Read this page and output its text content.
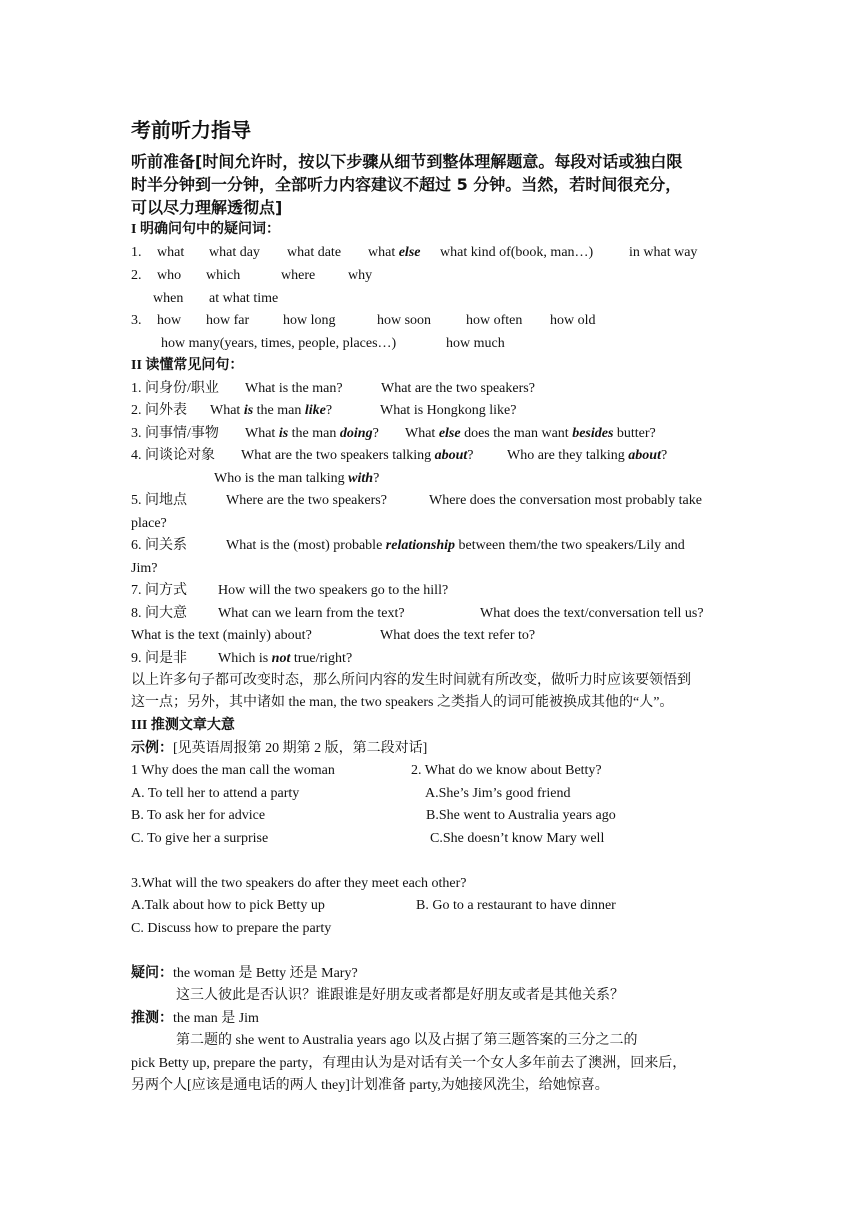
考前听力指导
听前准备[时间允许时，按以下步骤从细节到整体理解题意。每段对话或独白限
时半分钟到一分钟，全部听力内容建议不超过 5 分钟。当然，若时间很充分，
可以尽力理解透彻点]
I 明确问句中的疑问词：
1. what what day what date what else what kind of(book, man…)	in what way
2. who which	where why
when at what time
3. how how far how long	how soon how often how old
how many(years, times, people, places…)	how much
II 读懂常见问句：
1. 问身份/职业 What is the man?	What are the two speakers?
2. 问外表 What is the man like?	What is Hongkong like?
3. 问事情/事物 What is the man doing? What else does the man want besides butter?
4. 问谈论对象 What are the two speakers talking about? Who are they talking about?
Who is the man talking with?
5. 问地点	Where are the two speakers?	Where does the conversation most probably take
place?
6. 问关系	What is the (most) probable relationship between them/the two speakers/Lily and
Jim?
7. 问方式 How will the two speakers go to the hill?
8. 问大意 What can we learn from the text?	What does the text/conversation tell us?
What is the text (mainly) about?	What does the text refer to?
9. 问是非 Which is not true/right?
以上许多句子都可改变时态，那么所问内容的发生时间就有所改变，做听力时应该要领悟到
这一点；另外，其中诸如 the man, the two speakers 之类指人的词可能被换成其他的“人”。
III 推测文章大意
示例：[见英语周报第 20 期第 2 版，第二段对话]
1 Why does the man call the woman	2. What do we know about Betty?
A. To tell her to attend a party	A.She’s Jim’s good friend
B. To ask her for advice	B.She went to Australia years ago
C. To give her a surprise	C.She doesn’t know Mary well
3.What will the two speakers do after they meet each other?
A.Talk about how to pick Betty up	B. Go to a restaurant to have dinner
C. Discuss how to prepare the party
疑问：the woman 是 Betty 还是 Mary?
这三人彼此是否认识？谁跟谁是好朋友或者都是好朋友或者是其他关系？
推测：the man 是 Jim
第二题的 she went to Australia years ago 以及占据了第三题答案的三分之二的
pick Betty up, prepare the party，有理由认为是对话有关一个女人多年前去了澳洲，回来后，
另两个人[应该是通电话的两人 they]计划准备 party,为她接风洗尘，给她惊喜。
